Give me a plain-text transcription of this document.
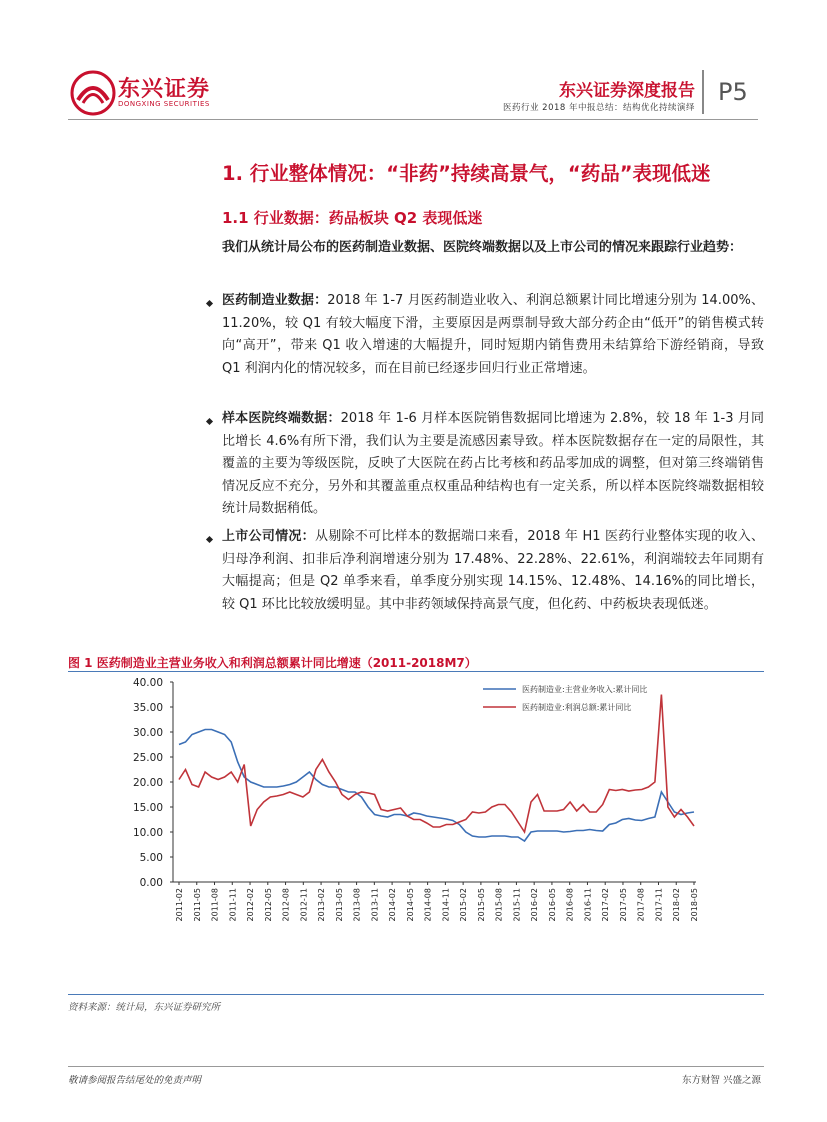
东兴证券
DONGXING SECURITIES
东兴证券深度报告
医药行业 2018 年中报总结：结构优化持续演绎
P5
1. 行业整体情况：“非药”持续高景气，“药品”表现低迷
1.1 行业数据：药品板块 Q2 表现低迷
我们从统计局公布的医药制造业数据、医院终端数据以及上市公司的情况来跟踪行业趋势：
医药制造业数据：2018 年 1-7 月医药制造业收入、利润总额累计同比增速分别为 14.00%、11.20%，较 Q1 有较大幅度下滑，主要原因是两票制导致大部分药企由“低开”的销售模式转向“高开”，带来 Q1 收入增速的大幅提升，同时短期内销售费用未结算给下游经销商，导致 Q1 利润内化的情况较多，而在目前已经逐步回归行业正常增速。
样本医院终端数据：2018 年 1-6 月样本医院销售数据同比增速为 2.8%，较 18 年 1-3 月同比增长 4.6%有所下滑，我们认为主要是流感因素导致。样本医院数据存在一定的局限性，其覆盖的主要为等级医院，反映了大医院在药占比考核和药品零加成的调整，但对第三终端销售情况反应不充分，另外和其覆盖重点权重品种结构也有一定关系，所以样本医院终端数据相较统计局数据稍低。
上市公司情况：从剔除不可比样本的数据端口来看，2018 年 H1 医药行业整体实现的收入、归母净利润、扣非后净利润增速分别为 17.48%、22.28%、22.61%，利润端较去年同期有大幅提高；但是 Q2 单季来看，单季度分别实现 14.15%、12.48%、14.16%的同比增长，较 Q1 环比比较放缓明显。其中非药领域保持高景气度，但化药、中药板块表现低迷。
图 1 医药制造业主营业务收入和利润总额累计同比增速（2011-2018M7）
0.00
5.00
10.00
15.00
20.00
25.00
30.00
35.00
40.00
2011-02 2011-05 2011-08 2011-11 2012-02 2012-05 2012-08 2012-11 2013-02 2013-05 2013-08 2013-11 2014-02 2014-05 2014-08 2014-11 2015-02 2015-05 2015-08 2015-11 2016-02 2016-05 2016-08 2016-11 2017-02 2017-05 2017-08 2017-11 2018-02 2018-05
医药制造业:主营业务收入:累计同比
医药制造业:利润总额:累计同比
资料来源：统计局，东兴证券研究所
敬请参阅报告结尾处的免责声明	东方财智 兴盛之源
